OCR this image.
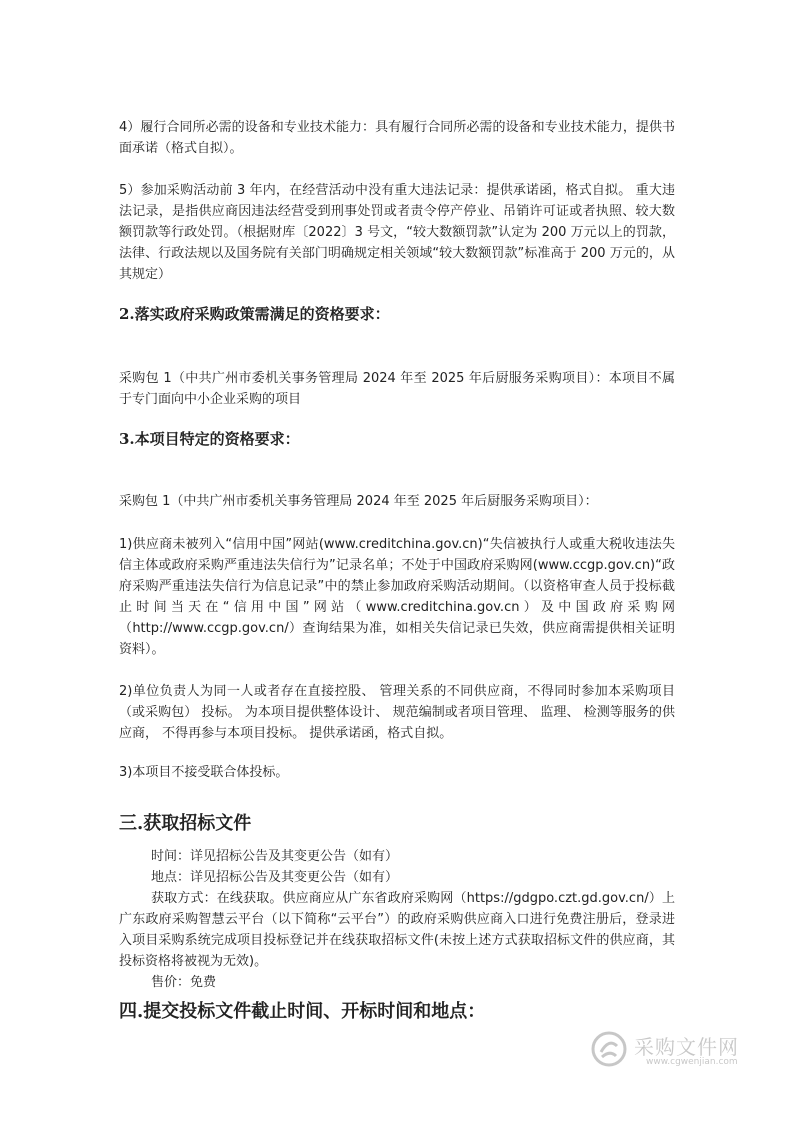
4）履行合同所必需的设备和专业技术能力：具有履行合同所必需的设备和专业技术能力，提供书面承诺（格式自拟）。

5）参加采购活动前 3 年内，在经营活动中没有重大违法记录：提供承诺函，格式自拟。 重大违法记录，是指供应商因违法经营受到刑事处罚或者责令停产停业、吊销许可证或者执照、较大数额罚款等行政处罚。（根据财库〔2022〕3 号文，“较大数额罚款”认定为 200 万元以上的罚款，法律、行政法规以及国务院有关部门明确规定相关领域“较大数额罚款”标准高于 200 万元的，从其规定）

2.落实政府采购政策需满足的资格要求：

采购包 1（中共广州市委机关事务管理局 2024 年至 2025 年后厨服务采购项目）：本项目不属于专门面向中小企业采购的项目

3.本项目特定的资格要求：

采购包 1（中共广州市委机关事务管理局 2024 年至 2025 年后厨服务采购项目）：

1)供应商未被列入“信用中国”网站(www.creditchina.gov.cn)“失信被执行人或重大税收违法失信主体或政府采购严重违法失信行为”记录名单；不处于中国政府采购网(www.ccgp.gov.cn)“政府采购严重违法失信行为信息记录”中的禁止参加政府采购活动期间。（以资格审查人员于投标截止时间当天在“信用中国”网站（www.creditchina.gov.cn）及中国政府采购网（http://www.ccgp.gov.cn/）查询结果为准，如相关失信记录已失效，供应商需提供相关证明资料）。

2)单位负责人为同一人或者存在直接控股、 管理关系的不同供应商，不得同时参加本采购项目（或采购包） 投标。 为本项目提供整体设计、 规范编制或者项目管理、 监理、 检测等服务的供应商， 不得再参与本项目投标。 提供承诺函，格式自拟。

3)本项目不接受联合体投标。

三.获取招标文件

时间：详见招标公告及其变更公告（如有）

地点：详见招标公告及其变更公告（如有）

获取方式：在线获取。供应商应从广东省政府采购网（https://gdgpo.czt.gd.gov.cn/）上广东政府采购智慧云平台（以下简称“云平台”）的政府采购供应商入口进行免费注册后，登录进入项目采购系统完成项目投标登记并在线获取招标文件(未按上述方式获取招标文件的供应商，其投标资格将被视为无效)。

售价：免费

四.提交投标文件截止时间、开标时间和地点：
采购文件网
www.cgwenjian.com
